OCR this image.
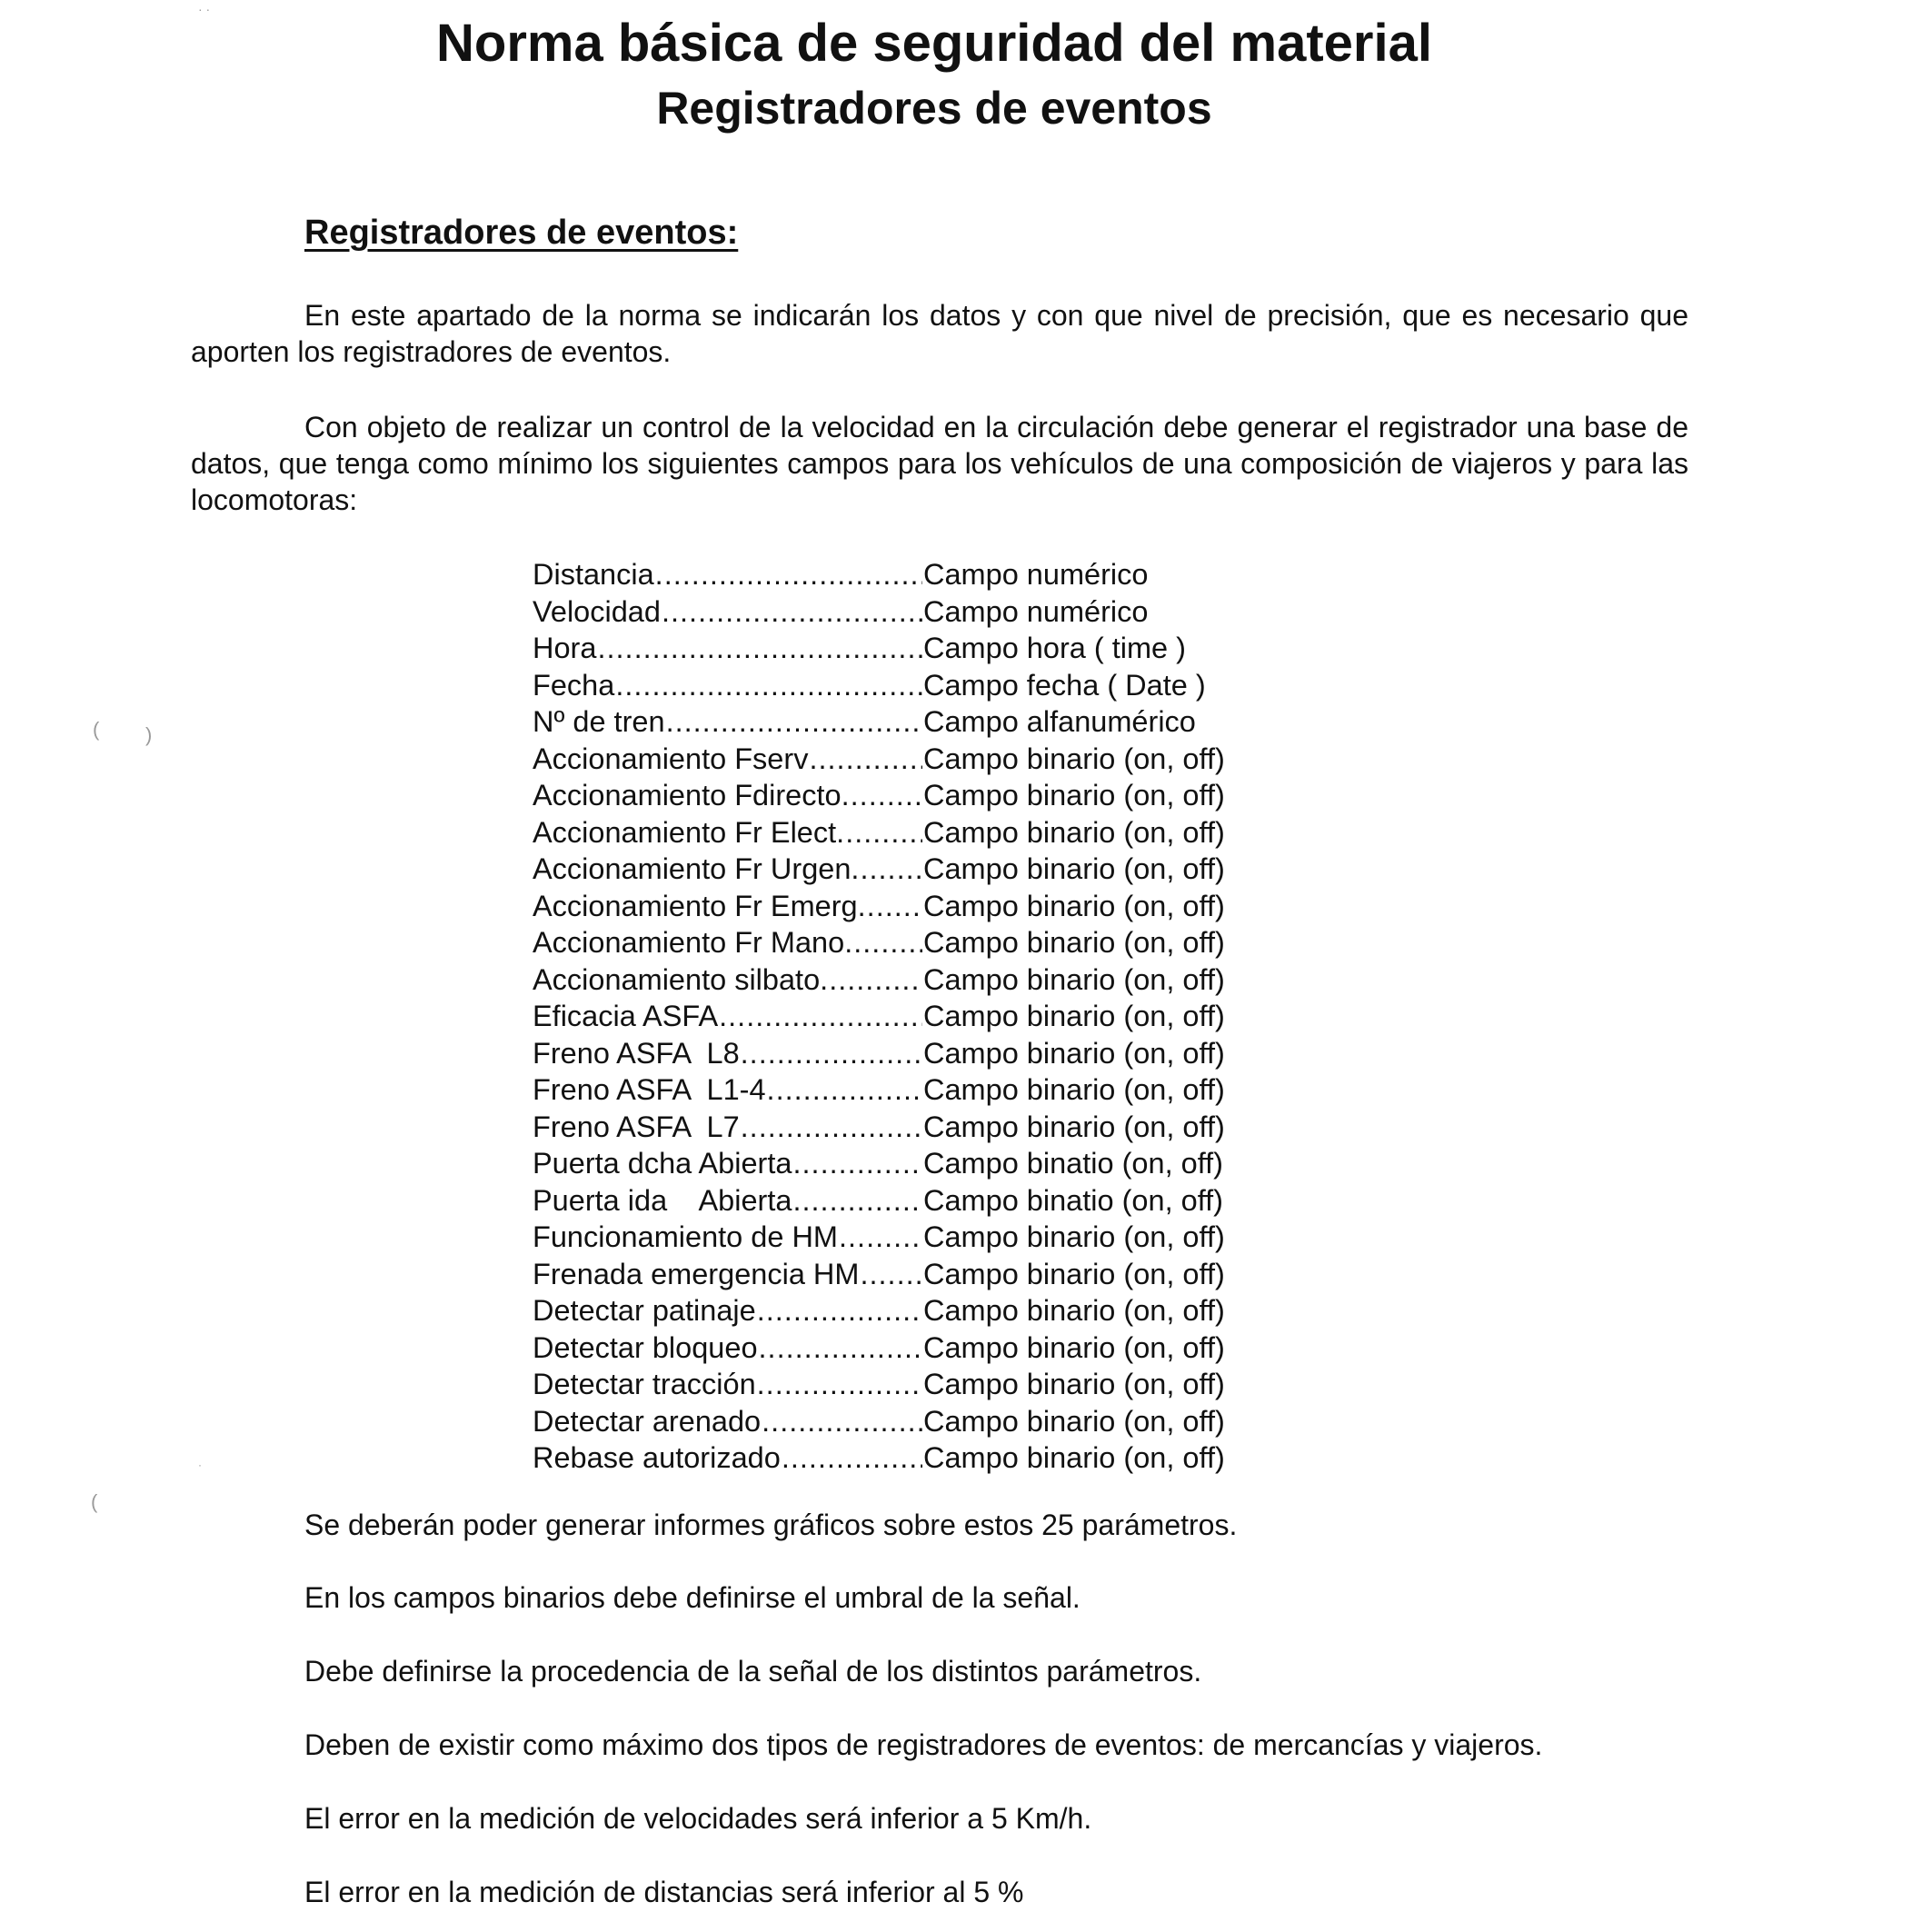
· ·
( )
(
·
Norma básica de seguridad del material
Registradores de eventos
Registradores de eventos:

En este apartado de la norma se indicarán los datos y con que nivel de precisión, que es necesario que aporten los registradores de eventos.

Con objeto de realizar un control de la velocidad en la circulación debe generar el registrador una base de datos, que tenga como mínimo los siguientes campos para los vehículos de una composición de viajeros y para las locomotoras:

Distancia .....	Campo numérico
Velocidad .....	Campo numérico
Hora .....	Campo hora ( time )
Fecha .....	Campo fecha ( Date )
Nº de tren .....	Campo alfanumérico
Accionamiento Fserv .....	Campo binario (on, off)
Accionamiento Fdirecto. .....	Campo binario (on, off)
Accionamiento Fr Elect. .....	Campo binario (on, off)
Accionamiento Fr Urgen. ..... Campo binario (on, off)
Accionamiento Fr Emerg. ..... Campo binario (on, off)
Accionamiento Fr Mano. ..... Campo binario (on, off)
Accionamiento silbato. .....	Campo binario (on, off)
Eficacia ASFA .....	Campo binario (on, off)
Freno ASFA  L8 .....	Campo binario (on, off)
Freno ASFA  L1-4 .....	Campo binario (on, off)
Freno ASFA  L7 .....	Campo binario (on, off)
Puerta dcha Abierta .....	Campo binatio (on, off)
Puerta ida    Abierta .....	Campo binatio (on, off)
Funcionamiento de HM .....	Campo binario (on, off)
Frenada emergencia HM ..... Campo binario (on, off)
Detectar patinaje .....	Campo binario (on, off)
Detectar bloqueo .....	Campo binario (on, off)
Detectar tracción .....	Campo binario (on, off)
Detectar arenado .....	Campo binario (on, off)
Rebase autorizado .....	Campo binario (on, off)

Se deberán poder generar informes gráficos sobre estos 25 parámetros.

En los campos binarios debe definirse el umbral de la señal.

Debe definirse la procedencia de la señal de los distintos parámetros.

Deben de existir como máximo dos tipos de registradores de eventos: de mercancías y viajeros.

El error en la medición de velocidades será inferior a 5 Km/h.

El error en la medición de distancias será inferior al 5 %
